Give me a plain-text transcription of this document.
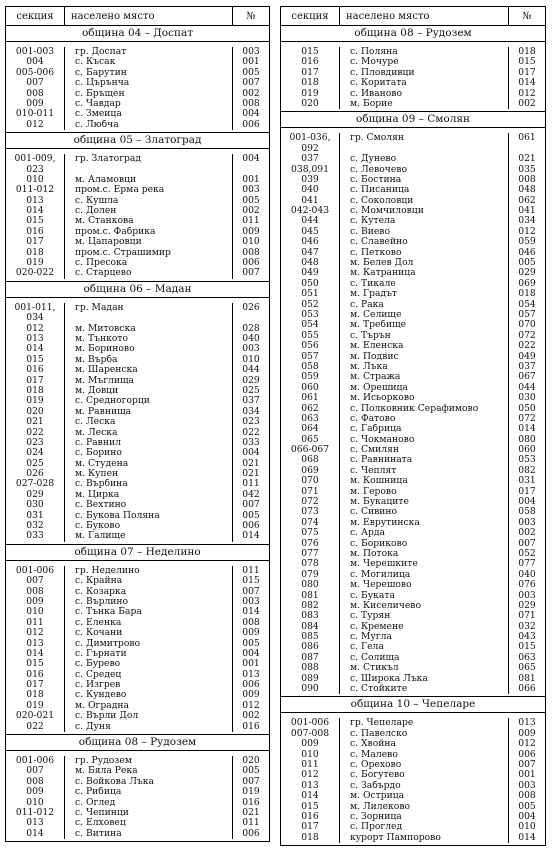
секция	населено място	№
община 04 – Доспат
001-003	гр. Доспат	003
004	с. Късак	001
005-006	с. Барутин	005
007	с. Църънча	007
008	с. Бръщен	002
009	с. Чавдар	008
010-011	с. Змеица	004
012	с. Любча	006
община 05 – Златоград
001-009,	гр. Златоград	004
023
010	м. Аламовци	001
011-012	пром.с. Ерма река	003
013	с. Кушла	005
014	с. Долен	002
015	м. Станкова	011
016	пром.с. Фабрика	009
017	м. Цапаровци	010
018	пром.с. Страшимир	008
019	с. Пресока	006
020-022	с. Старцево	007
община 06 – Мадан
001-011,	гр. Мадан	026
034
012	м. Митовска	028
013	м. Тънкото	040
014	м. Бориново	003
015	м. Върба	010
016	м. Шаренска	044
017	м. Мъглища	029
018	м. Довци	025
019	с. Средногорци	037
020	м. Равнища	034
021	с. Леска	023
022	м. Леска	022
023	с. Равнил	033
024	с. Борино	004
025	м. Студена	021
026	м. Купен	021
027-028	с. Върбина	011
029	м. Цирка	042
030	с. Вехтино	007
031	с. Букова Поляна	005
032	с. Буково	006
033	м. Галище	014
община 07 – Неделино
001-006	гр. Неделино	011
007	с. Крайна	015
008	с. Козарка	007
009	с. Върлино	003
010	с. Тънка Бара	014
011	с. Еленка	008
012	с. Кочани	009
013	с. Димитрово	005
014	с. Гърнати	004
015	с. Бурево	001
016	с. Средец	013
017	с. Изгрев	006
018	с. Кундево	009
019	м. Оградна	012
020-021	с. Върли Дол	002
022	с. Дуня	016
община 08 – Рудозем
001-006	гр. Рудозем	020
007	м. Бяла Река	005
008	с. Войкова Лъка	007
009	с. Рибица	019
010	с. Оглед	016
011-012	с. Чепинци	021
013	с. Елховец	011
014	с. Витина	006
секция	населено място	№
община 08 – Рудозем
015	с. Поляна	018
016	с. Мочуре	015
017	с. Пловдивци	017
018	с. Коритата	014
019	с. Иваново	012
020	м. Борие	002
община 09 – Смолян
001-036,	гр. Смолян	061
092
037	с. Дунево	021
038,091	с. Левочево	035
039	с. Бостина	008
040	с. Писаница	048
041	с. Соколовци	062
042-043	с. Момчиловци	041
044	с. Кутела	034
045	с. Виево	012
046	с. Славейно	059
047	с. Петково	046
048	м. Белев Дол	005
049	м. Катраница	029
050	с. Тикале	069
051	м. Градът	018
052	с. Рака	054
053	м. Селище	057
054	м. Требище	070
055	с. Търън	072
056	м. Еленска	022
057	м. Подвис	049
058	м. Лъка	037
059	м. Стража	067
060	м. Орешица	044
061	м. Исьорково	030
062	с. Полковник Серафимово	050
063	с. Фатово	072
064	с. Габрица	014
065	с. Чокманово	080
066-067	с. Смилян	060
068	с. Равнината	053
069	с. Чеплят	082
070	м. Кошница	031
071	м. Герово	017
072	м. Букаците	004
073	с. Сивино	058
074	м. Еврутинска	003
075	с. Арда	002
076	с. Бориково	007
077	м. Потока	052
078	м. Черешките	077
079	с. Могилица	040
080	м. Черешово	076
081	с. Буката	003
082	м. Киселичево	029
083	с. Турян	071
084	с. Кремене	032
085	с. Мугла	043
086	с. Гела	015
087	с. Солища	063
088	м. Стикъл	065
089	с. Широка Лъка	081
090	с. Стойките	066
община 10 – Чепеларе
001-006	гр. Чепеларе	013
007-008	с. Павелско	009
009	с. Хвойна	012
010	с. Малево	006
011	с. Орехово	007
012	с. Богутево	001
013	с. Забърдо	003
014	м. Острица	008
015	м. Лилеково	005
016	с. Зорница	004
017	с. Проглед	010
018	курорт Пампорово	014
